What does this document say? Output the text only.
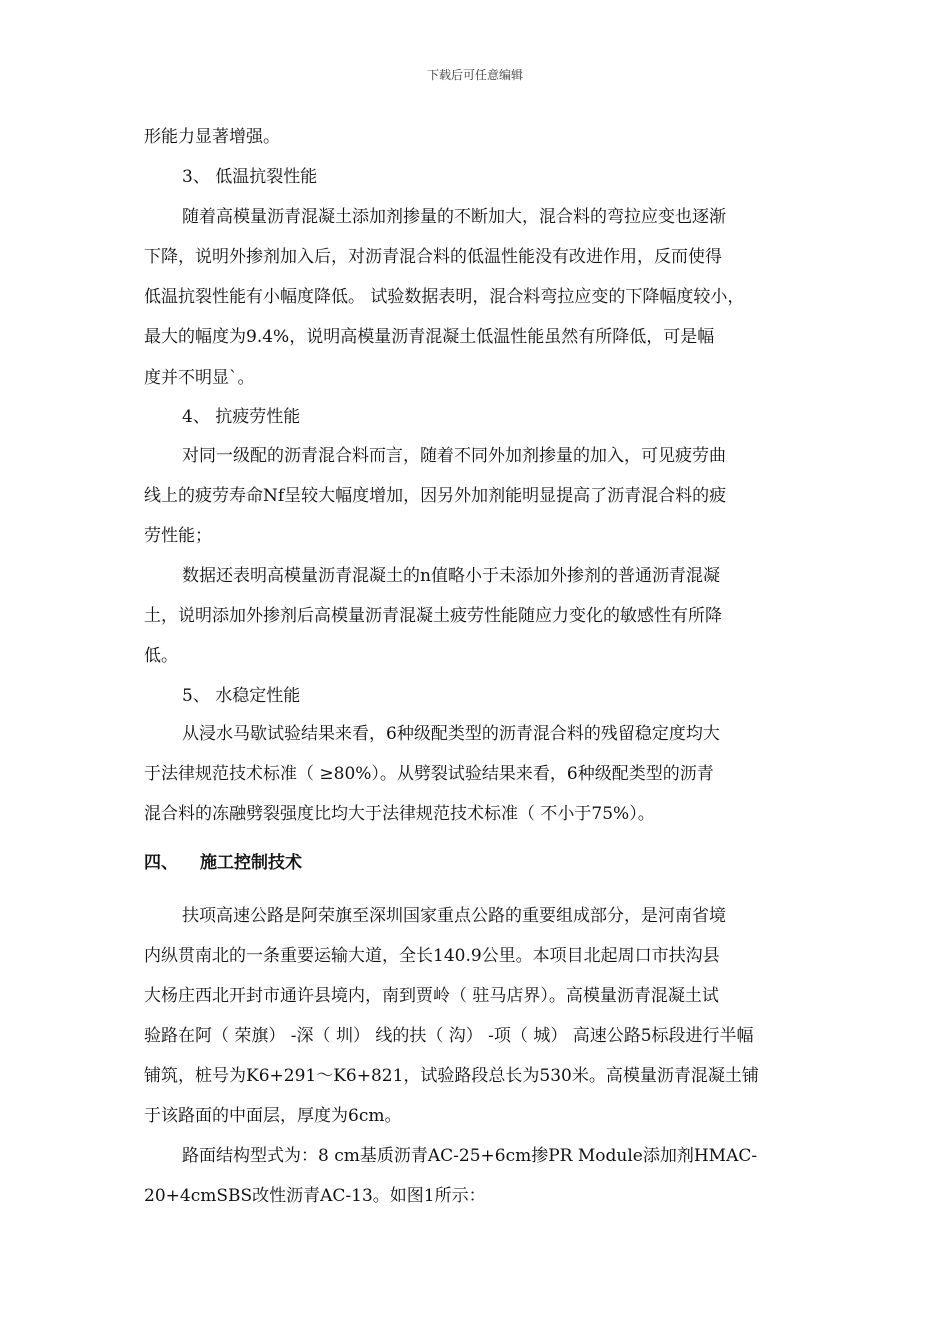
下载后可任意编辑
形能力显著增强。
3、 低温抗裂性能
随着高模量沥青混凝土添加剂掺量的不断加大，混合料的弯拉应变也逐渐
下降，说明外掺剂加入后，对沥青混合料的低温性能没有改进作用，反而使得
低温抗裂性能有小幅度降低。 试验数据表明，混合料弯拉应变的下降幅度较小，
最大的幅度为9.4%，说明高模量沥青混凝土低温性能虽然有所降低，可是幅
度并不明显`。
4、 抗疲劳性能
对同一级配的沥青混合料而言，随着不同外加剂掺量的加入，可见疲劳曲
线上的疲劳寿命Nf呈较大幅度增加，因另外加剂能明显提高了沥青混合料的疲
劳性能；
数据还表明高模量沥青混凝土的n值略小于未添加外掺剂的普通沥青混凝
土，说明添加外掺剂后高模量沥青混凝土疲劳性能随应力变化的敏感性有所降
低。
5、 水稳定性能
从浸水马歇试验结果来看，6种级配类型的沥青混合料的残留稳定度均大
于法律规范技术标准（ ≥80%）。从劈裂试验结果来看，6种级配类型的沥青
混合料的冻融劈裂强度比均大于法律规范技术标准（ 不小于75%）。
四、 施工控制技术
扶项高速公路是阿荣旗至深圳国家重点公路的重要组成部分，是河南省境
内纵贯南北的一条重要运输大道，全长140.9公里。本项目北起周口市扶沟县
大杨庄西北开封市通许县境内，南到贾岭（ 驻马店界）。高模量沥青混凝土试
验路在阿（ 荣旗） -深（ 圳） 线的扶（ 沟） -项（ 城） 高速公路5标段进行半幅
铺筑，桩号为K6+291～K6+821，试验路段总长为530米。高模量沥青混凝土铺
于该路面的中面层，厚度为6cm。
路面结构型式为：8 cm基质沥青AC-25+6cm掺PR Module添加剂HMAC-
20+4cmSBS改性沥青AC-13。如图1所示：
